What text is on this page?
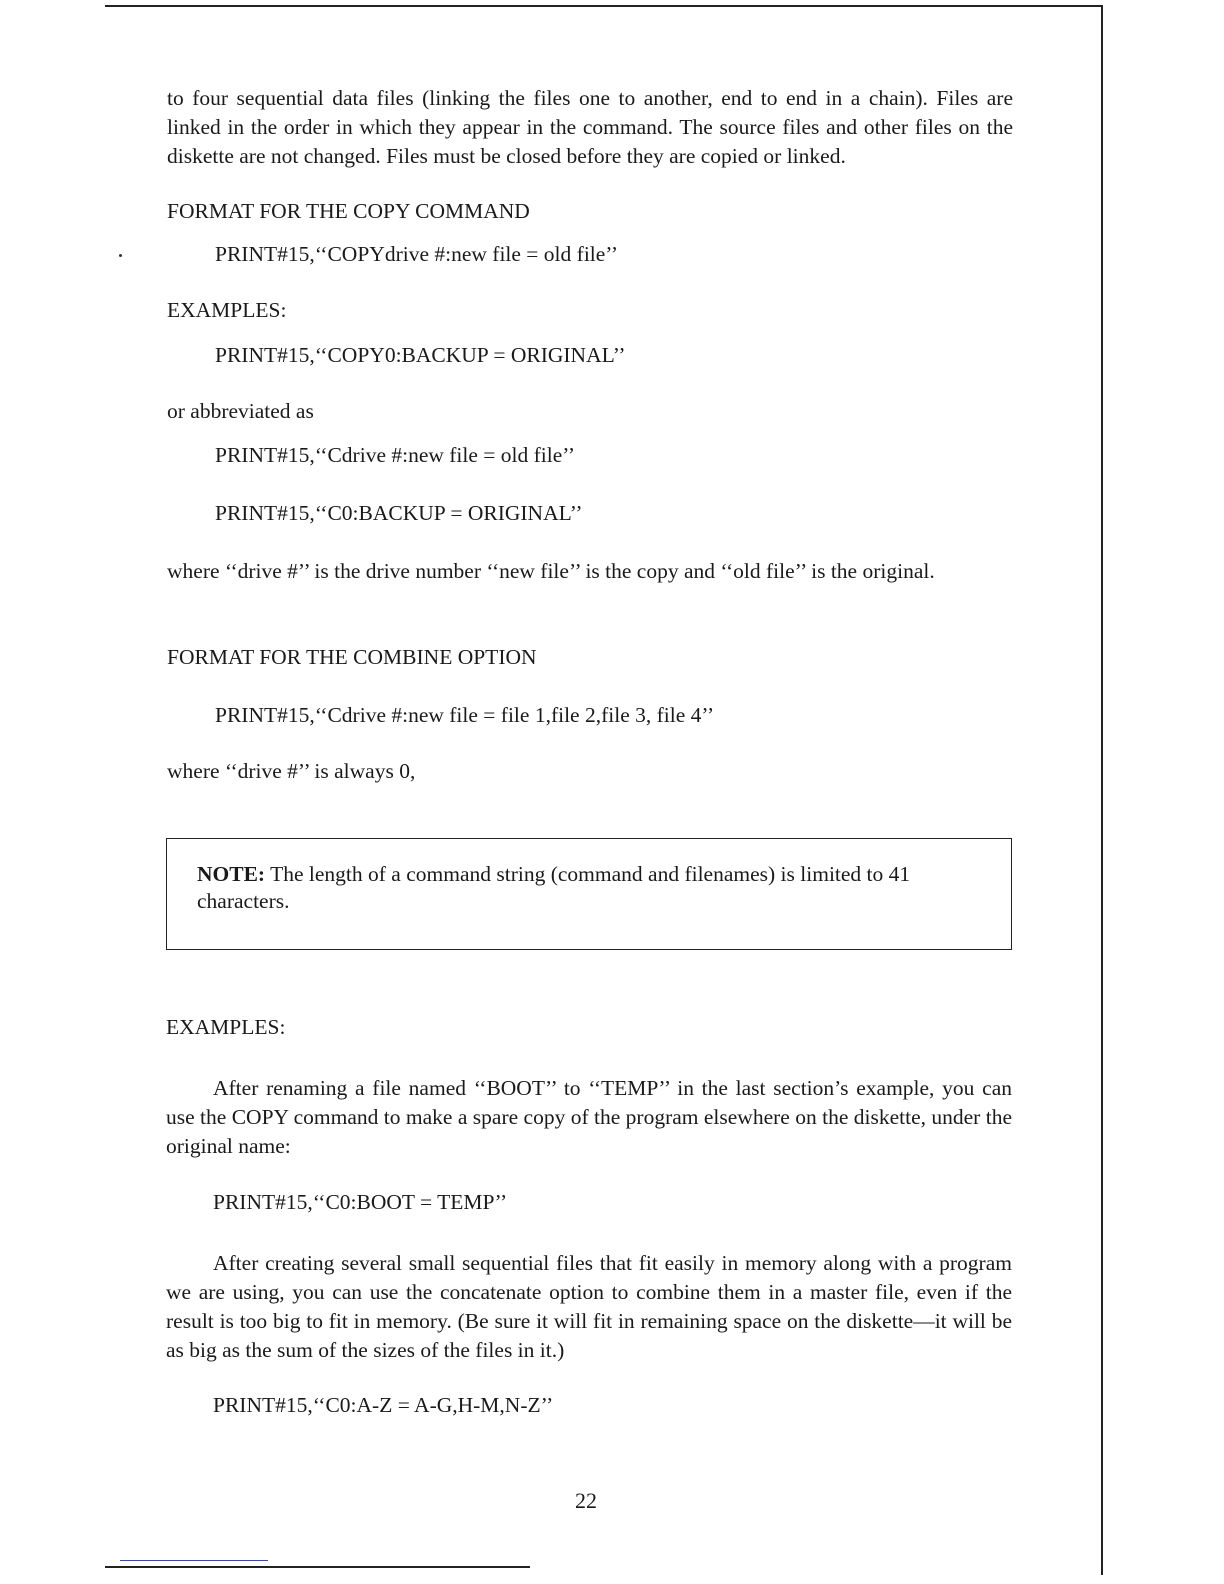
to four sequential data files (linking the files one to another, end to end in a chain). Files are linked in the order in which they appear in the command. The source files and other files on the diskette are not changed. Files must be closed before they are copied or linked.

FORMAT FOR THE COPY COMMAND

PRINT#15,‘‘COPYdrive #:new file = old file’’

EXAMPLES:

PRINT#15,‘‘COPY0:BACKUP = ORIGINAL’’

or abbreviated as

PRINT#15,‘‘Cdrive #:new file = old file’’

PRINT#15,‘‘C0:BACKUP = ORIGINAL’’

where ‘‘drive #’’ is the drive number ‘‘new file’’ is the copy and ‘‘old file’’ is the original.

FORMAT FOR THE COMBINE OPTION

PRINT#15,‘‘Cdrive #:new file = file 1,file 2,file 3, file 4’’

where ‘‘drive #’’ is always 0,

NOTE: The length of a command string (command and filenames) is limited to 41 characters.

EXAMPLES:

After renaming a file named ‘‘BOOT’’ to ‘‘TEMP’’ in the last section’s example, you can use the COPY command to make a spare copy of the program elsewhere on the diskette, under the original name:

PRINT#15,‘‘C0:BOOT = TEMP’’

After creating several small sequential files that fit easily in memory along with a program we are using, you can use the concatenate option to combine them in a master file, even if the result is too big to fit in memory. (Be sure it will fit in remaining space on the diskette—it will be as big as the sum of the sizes of the files in it.)

PRINT#15,‘‘C0:A-Z = A-G,H-M,N-Z’’

22
